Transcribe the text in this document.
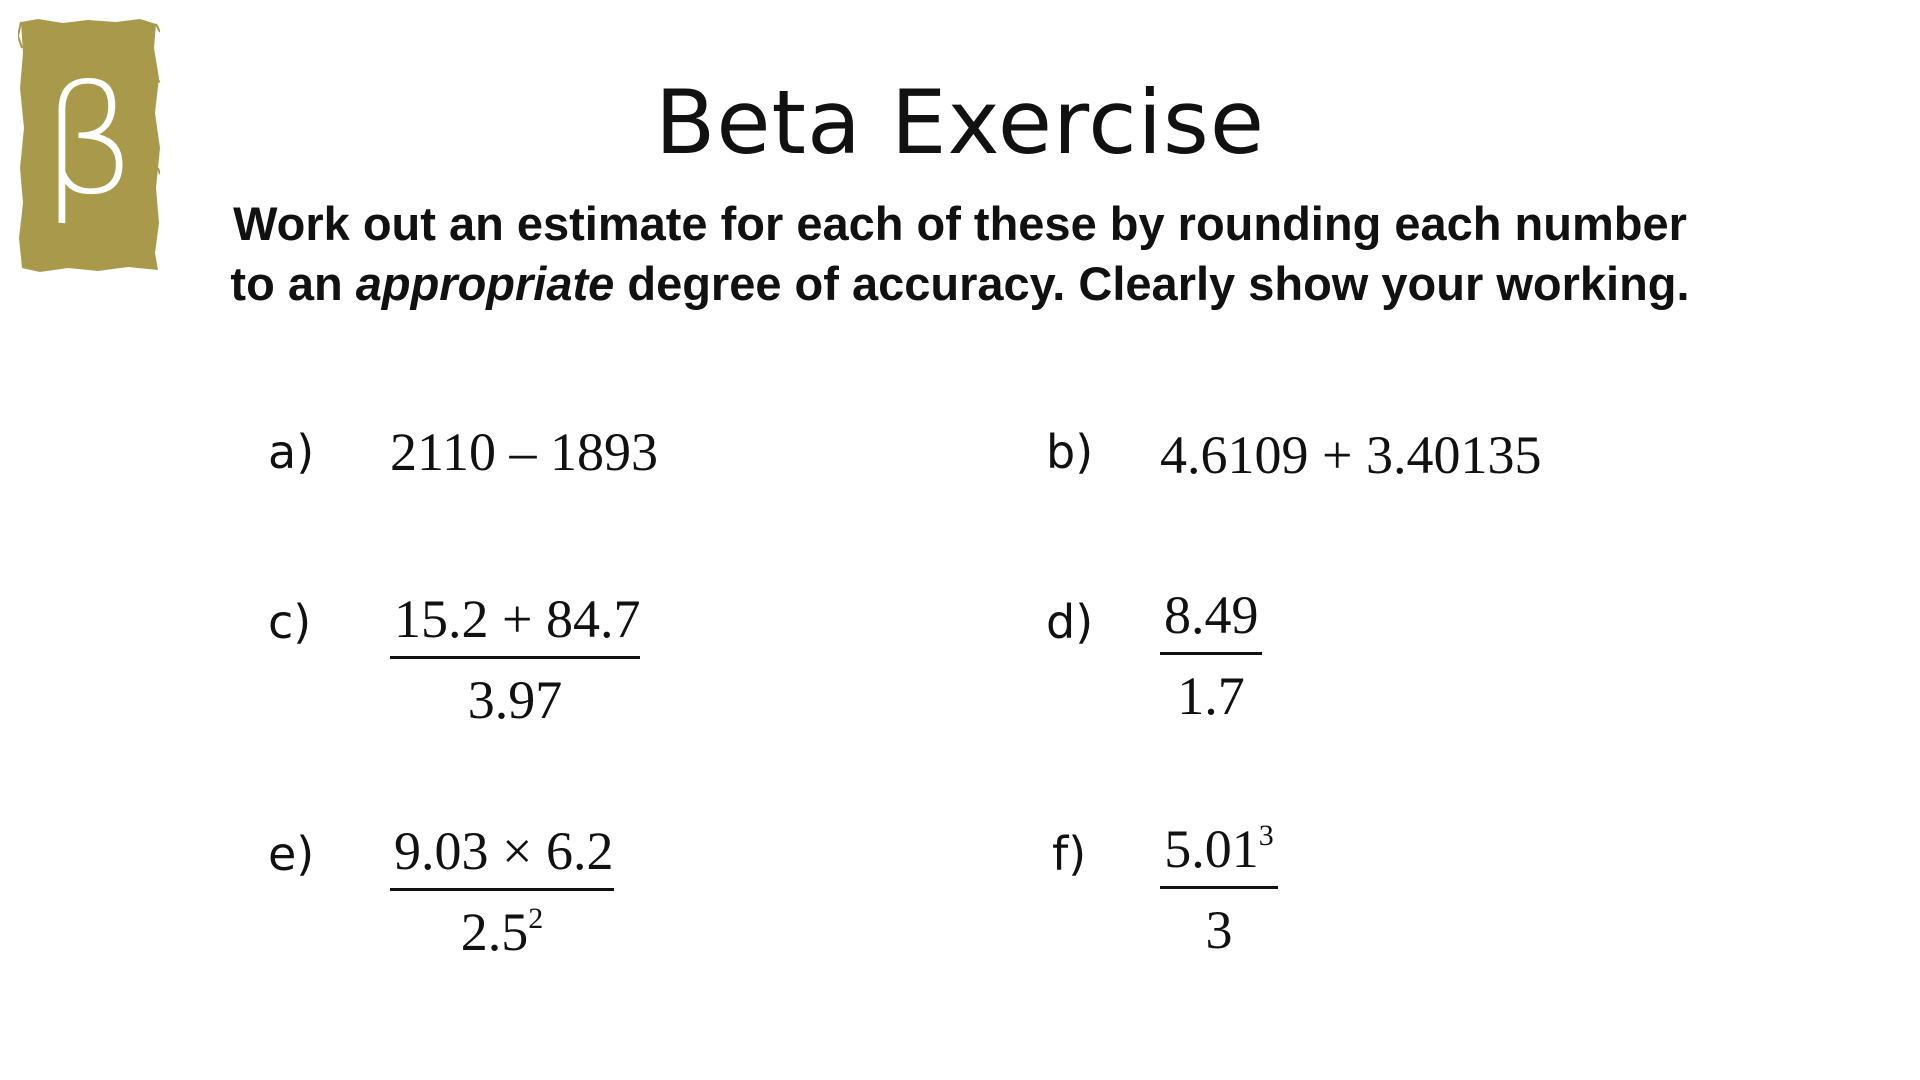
β	Beta Exercise
Work out an estimate for each of these by rounding each number to an appropriate degree of accuracy. Clearly show your working.
a) 2110 – 1893	b) 4.6109 + 3.40135
c) 15.2 + 84.7
3.97
d) 8.49
1.7
e) 9.03 × 6.2
$2.5^2$
f) 5.01$^3$
3
